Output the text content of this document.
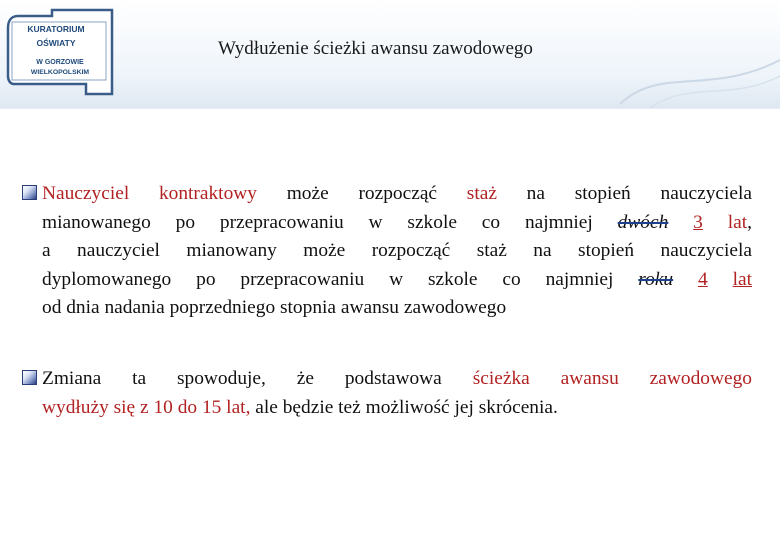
KURATORIUM
OŚWIATY
W GORZOWIE
WIELKOPOLSKIM
Wydłużenie ścieżki awansu zawodowego
Nauczyciel kontraktowy może rozpocząć staż na stopień nauczyciela
mianowanego po przepracowaniu w szkole co najmniej dwóch 3 lat,
a nauczyciel mianowany może rozpocząć staż na stopień nauczyciela
dyplomowanego po przepracowaniu w szkole co najmniej roku 4 lat
od dnia nadania poprzedniego stopnia awansu zawodowego
Zmiana ta spowoduje, że podstawowa ścieżka awansu zawodowego
wydłuży się z 10 do 15 lat, ale będzie też możliwość jej skrócenia.
